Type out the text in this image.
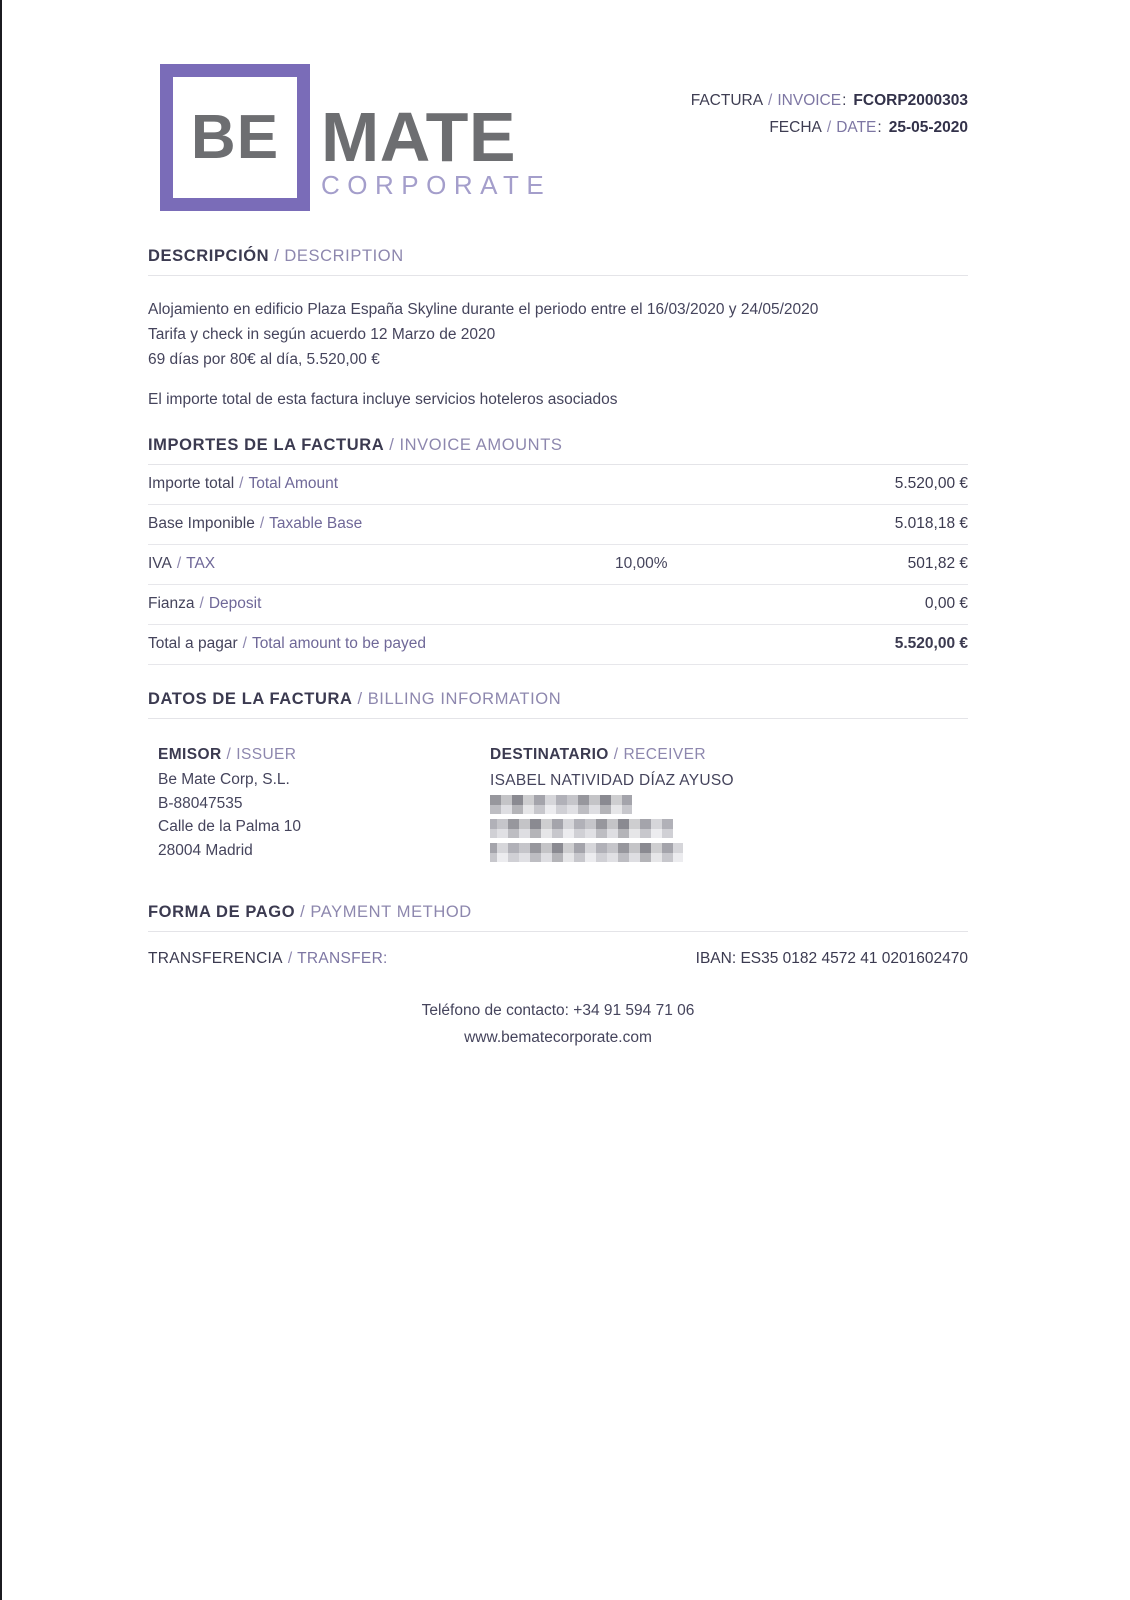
BE MATE
CORPORATE
FACTURA / INVOICE: FCORP2000303
FECHA / DATE: 25-05-2020
DESCRIPCIÓN / DESCRIPTION
Alojamiento en edificio Plaza España Skyline durante el periodo entre el 16/03/2020 y 24/05/2020
Tarifa y check in según acuerdo 12 Marzo de 2020
69 días por 80€ al día, 5.520,00 €
El importe total de esta factura incluye servicios hoteleros asociados
IMPORTES DE LA FACTURA / INVOICE AMOUNTS
Importe total / Total Amount	5.520,00 €
Base Imponible / Taxable Base	5.018,18 €
IVA / TAX	10,00%	501,82 €
Fianza / Deposit	0,00 €
Total a pagar / Total amount to be payed	5.520,00 €
DATOS DE LA FACTURA / BILLING INFORMATION
EMISOR / ISSUER
Be Mate Corp, S.L.
B-88047535
Calle de la Palma 10
28004 Madrid
DESTINATARIO / RECEIVER
ISABEL NATIVIDAD DÍAZ AYUSO
FORMA DE PAGO / PAYMENT METHOD
TRANSFERENCIA / TRANSFER:	IBAN: ES35 0182 4572 41 0201602470
Teléfono de contacto: +34 91 594 71 06
www.bematecorporate.com
